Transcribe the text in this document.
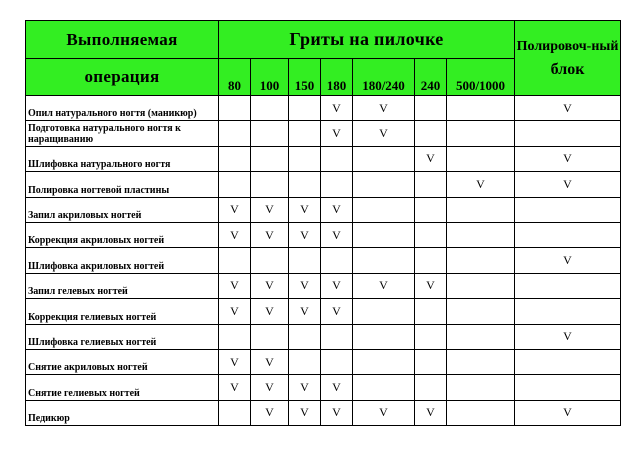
Выполняемая	Гриты на пилочке							Полировоч-ный
блок

операция	80	100	150	180	180/240	240	500/1000	
Опил натурального ногтя (маникюр)				V	V			V
Подготовка натурального ногтя к наращиванию				V	V			
Шлифовка натурального ногтя						V		V
Полировка ногтевой пластины							V	V
Запил акриловых ногтей	V	V	V	V				
Коррекция акриловых ногтей	V	V	V	V				
Шлифовка акриловых ногтей								V
Запил гелевых ногтей	V	V	V	V	V	V		
Коррекция гелиевых ногтей	V	V	V	V				
Шлифовка гелиевых ногтей								V
Снятие акриловых ногтей	V	V						
Снятие гелиевых ногтей	V	V	V	V				
Педикюр		V	V	V	V	V		V
